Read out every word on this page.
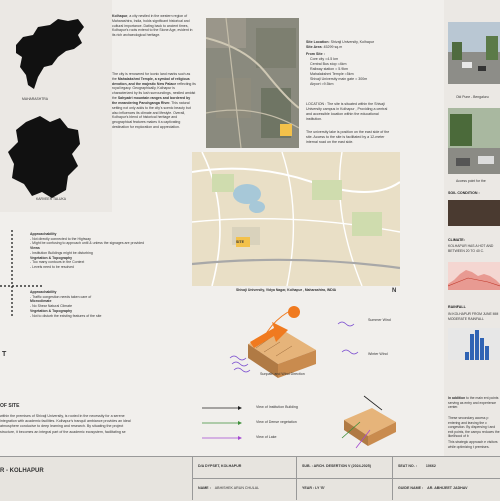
MAHARASHTRA
KARVEER TALUKA
Kolhapur, a city nestled in the western region of Maharashtra, India, holds significant historical and cultural importance. Dating back to ancient times, Kolhapur's roots extend to the Stone Age, evident in its rich archaeological heritage.
The city is renowned for iconic land marks such as the Mahalakshmi Temple, a symbol of religious devotion, and the majestic New Palace reflecting its royal legacy. Geographically, Kolhapur is characterized by its lush surroundings, nestled amidst the Sahyadri mountain ranges and bordered by the meandering Panchganga River. This natural setting not only adds to the city's scenic beauty but also influences its climate and lifestyle. Overall, Kolhapur's blend of historical heritage and geographical features makes it a captivating destination for exploration and appreciation.
Site Location: Shivaji University, Kolhapur
Site Area: 45299 sq.m
From Site :
Core city =4.5 km
Central Bus stop =4km
Railway station = 5.9km
Mahalakshmi Temple =5km
Shivaji University main gate = 300m
Airport =9.5km
LOCATION : The site is situated within the Shivaji University campus in Kolhapur , Providing a central and accessible location within the educational institution.
The university lake is position on the east side of the site. Access to the site is facilitated by a 12-meter internal road on the east side.
SITE
Shivaji University, Vidya Nagar, Kolhapur , Maharashtra, INDIA	N
Summer Wind
Winter Wind
Sunpath and Wind Direction
View of Institution Building
View of Dense vegetation
View of Lake
Approachability
- Not directly connected to the Highway
- Might be confusing to approach until & unless the signages are provided
Views
- Institution Buildings might be disturbing
Vegetation & Topography
- Too many contours in the Context
- Levels need to be resolved
Approachability
- Traffic congestion needs taken care of
Microclimate
- No Shear Natural Climate
Vegetation & Topography
- Not to disturb the existing features of the site
T
OF SITE
within the premises of Shivaji University, is rooted in the necessity for a serene
integration with academic facilities. Kolhapur's tranquil ambiance provides an ideal
atmosphere conducive to deep learning and research. By situating the project
structure, it becomes an integral part of the academic ecosystem, facilitating se
Old Pune - Bengaluru
Access point for the
SOIL CONDITION :
CLIMATE:
KOLHAPUR HAS A HOT AND BETWEEN 20 TO 40 C.
RAINFALL
IN KOLHAPUR FROM JUNE MM MODERATE RAINFALL
In addition to the main ent points serving as entry and experience center.
These secondary access p entering and leaving the c congestion. By dispersing t and exit points, the campu reduces the likelihood of b
This strategic approach e visitors while optimizing t premises.
R - KOLHAPUR
D/A DYPSET, KOLHAPUR
NAME : ABHISHEK ARUN CHULAL
SUB. : ARCH. DESERTION V (2024-2025)
YEAR : LY 'B'
SEAT NO. :	10662
GUIDE NAME : AR. ABHIJEET JADHAV
